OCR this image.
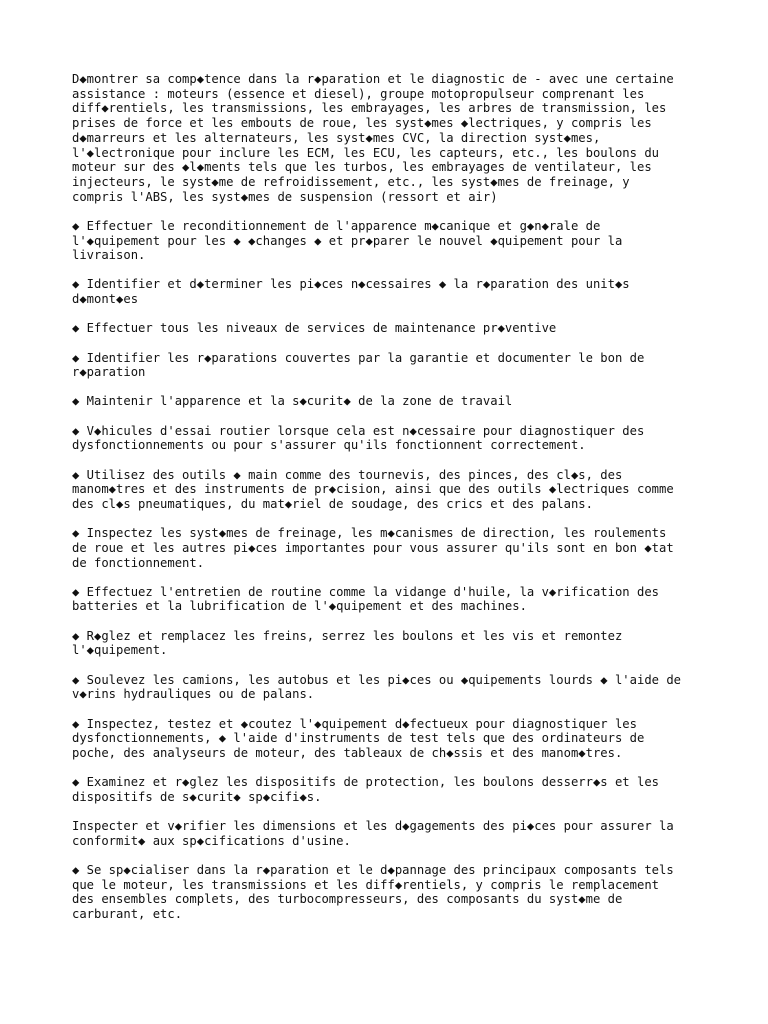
D◆montrer sa comp◆tence dans la r◆paration et le diagnostic de - avec une certaine
assistance : moteurs (essence et diesel), groupe motopropulseur comprenant les
diff◆rentiels, les transmissions, les embrayages, les arbres de transmission, les
prises de force et les embouts de roue, les syst◆mes ◆lectriques, y compris les
d◆marreurs et les alternateurs, les syst◆mes CVC, la direction syst◆mes,
l'◆lectronique pour inclure les ECM, les ECU, les capteurs, etc., les boulons du
moteur sur des ◆l◆ments tels que les turbos, les embrayages de ventilateur, les
injecteurs, le syst◆me de refroidissement, etc., les syst◆mes de freinage, y
compris l'ABS, les syst◆mes de suspension (ressort et air)

◆ Effectuer le reconditionnement de l'apparence m◆canique et g◆n◆rale de
l'◆quipement pour les ◆ ◆changes ◆ et pr◆parer le nouvel ◆quipement pour la
livraison.

◆ Identifier et d◆terminer les pi◆ces n◆cessaires ◆ la r◆paration des unit◆s
d◆mont◆es

◆ Effectuer tous les niveaux de services de maintenance pr◆ventive

◆ Identifier les r◆parations couvertes par la garantie et documenter le bon de
r◆paration

◆ Maintenir l'apparence et la s◆curit◆ de la zone de travail

◆ V◆hicules d'essai routier lorsque cela est n◆cessaire pour diagnostiquer des
dysfonctionnements ou pour s'assurer qu'ils fonctionnent correctement.

◆ Utilisez des outils ◆ main comme des tournevis, des pinces, des cl◆s, des
manom◆tres et des instruments de pr◆cision, ainsi que des outils ◆lectriques comme
des cl◆s pneumatiques, du mat◆riel de soudage, des crics et des palans.

◆ Inspectez les syst◆mes de freinage, les m◆canismes de direction, les roulements
de roue et les autres pi◆ces importantes pour vous assurer qu'ils sont en bon ◆tat
de fonctionnement.

◆ Effectuez l'entretien de routine comme la vidange d'huile, la v◆rification des
batteries et la lubrification de l'◆quipement et des machines.

◆ R◆glez et remplacez les freins, serrez les boulons et les vis et remontez
l'◆quipement.

◆ Soulevez les camions, les autobus et les pi◆ces ou ◆quipements lourds ◆ l'aide de
v◆rins hydrauliques ou de palans.

◆ Inspectez, testez et ◆coutez l'◆quipement d◆fectueux pour diagnostiquer les
dysfonctionnements, ◆ l'aide d'instruments de test tels que des ordinateurs de
poche, des analyseurs de moteur, des tableaux de ch◆ssis et des manom◆tres.

◆ Examinez et r◆glez les dispositifs de protection, les boulons desserr◆s et les
dispositifs de s◆curit◆ sp◆cifi◆s.

Inspecter et v◆rifier les dimensions et les d◆gagements des pi◆ces pour assurer la
conformit◆ aux sp◆cifications d'usine.

◆ Se sp◆cialiser dans la r◆paration et le d◆pannage des principaux composants tels
que le moteur, les transmissions et les diff◆rentiels, y compris le remplacement
des ensembles complets, des turbocompresseurs, des composants du syst◆me de
carburant, etc.
